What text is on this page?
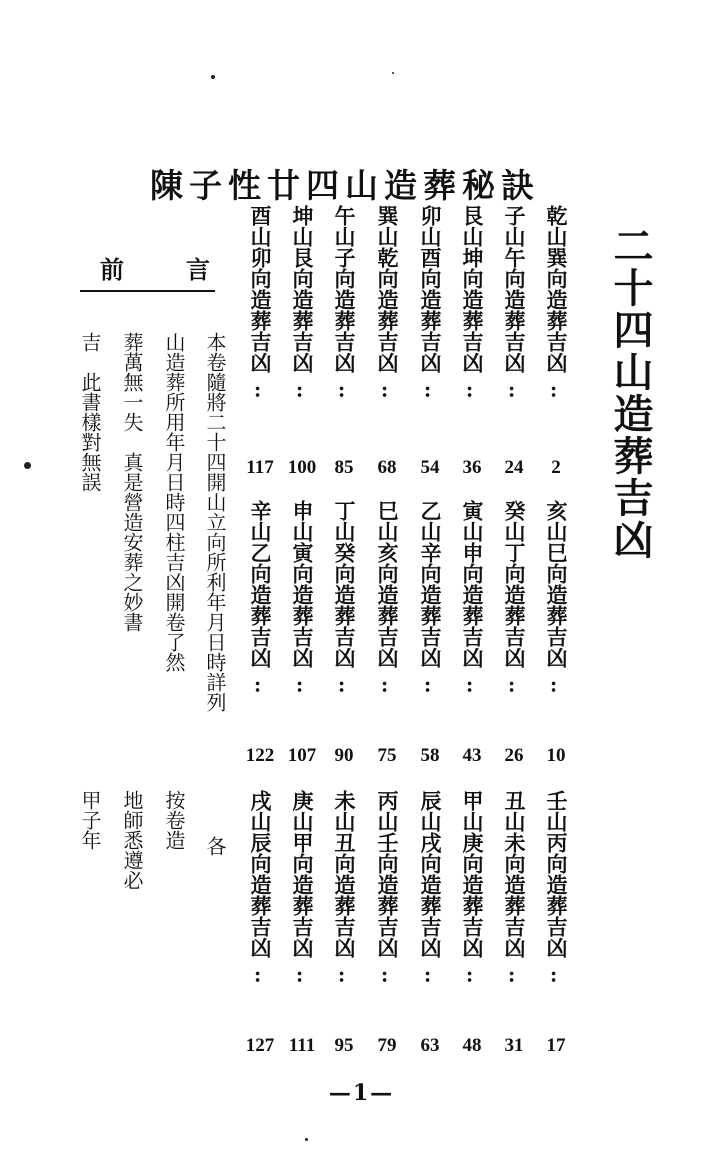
陳子性廿四山造葬秘訣
二十四山造葬吉凶
乾山巽向造葬吉凶
‥
2
亥山巳向造葬吉凶
‥
10
壬山丙向造葬吉凶
‥
17
子山午向造葬吉凶
‥
24
癸山丁向造葬吉凶
‥
26
丑山未向造葬吉凶
‥
31
艮山坤向造葬吉凶
‥
36
寅山申向造葬吉凶
‥
43
甲山庚向造葬吉凶
‥
48
卯山酉向造葬吉凶
‥
54
乙山辛向造葬吉凶
‥
58
辰山戌向造葬吉凶
‥
63
巽山乾向造葬吉凶
‥
68
巳山亥向造葬吉凶
‥
75
丙山壬向造葬吉凶
‥
79
午山子向造葬吉凶
‥
85
丁山癸向造葬吉凶
‥
90
未山丑向造葬吉凶
‥
95
坤山艮向造葬吉凶
‥
100
申山寅向造葬吉凶
‥
107
庚山甲向造葬吉凶
‥
111
酉山卯向造葬吉凶
‥
117
辛山乙向造葬吉凶
‥
122
戌山辰向造葬吉凶
‥
127
前	言
本卷隨將二十四開山立向所利年月日時詳列
各
山造葬所用年月日時四柱吉凶開卷了然
按卷造
葬萬無一失　真是營造安葬之妙書
地師悉遵必
吉　此書樣對無誤
甲子年
—1—
